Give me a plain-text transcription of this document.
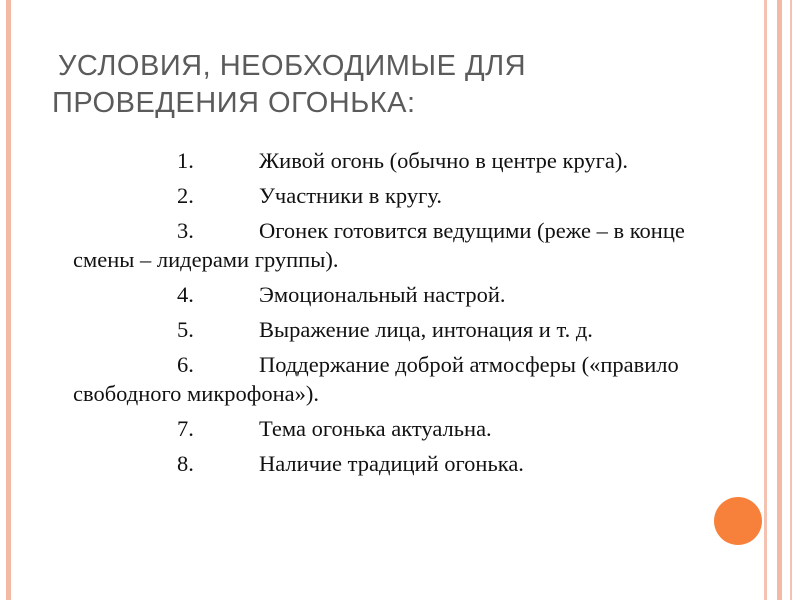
УСЛОВИЯ, НЕОБХОДИМЫЕ ДЛЯ
ПРОВЕДЕНИЯ ОГОНЬКА:
1.	Живой огонь (обычно в центре круга).
2.	Участники в кругу.
3.	Огонек готовится ведущими (реже – в конце смены – лидерами группы).
4.	Эмоциональный настрой.
5.	Выражение лица, интонация и т. д.
6.	Поддержание доброй атмосферы («правило свободного микрофона»).
7.	Тема огонька актуальна.
8.	Наличие традиций огонька.
